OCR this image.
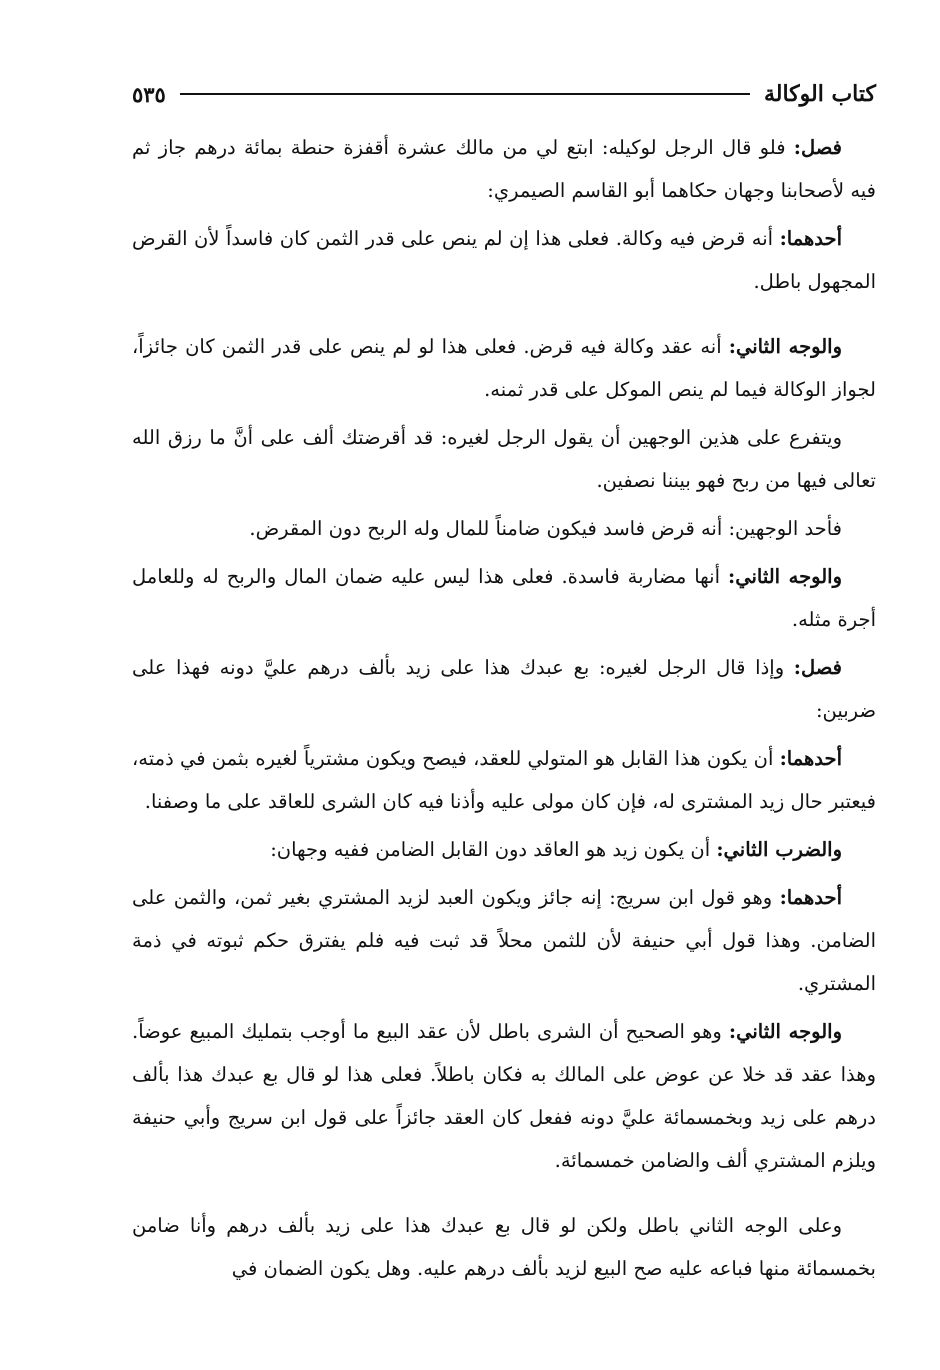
كتاب الوكالة
٥٣٥

فصل: فلو قال الرجل لوكيله: ابتع لي من مالك عشرة أقفزة حنطة بمائة درهم جاز ثم فيه لأصحابنا وجهان حكاهما أبو القاسم الصيمري:

أحدهما: أنه قرض فيه وكالة. فعلى هذا إن لم ينص على قدر الثمن كان فاسداً لأن القرض المجهول باطل.

والوجه الثاني: أنه عقد وكالة فيه قرض. فعلى هذا لو لم ينص على قدر الثمن كان جائزاً، لجواز الوكالة فيما لم ينص الموكل على قدر ثمنه.

ويتفرع على هذين الوجهين أن يقول الرجل لغيره: قد أقرضتك ألف على أنَّ ما رزق الله تعالى فيها من ربح فهو بيننا نصفين.

فأحد الوجهين: أنه قرض فاسد فيكون ضامناً للمال وله الربح دون المقرض.

والوجه الثاني: أنها مضاربة فاسدة. فعلى هذا ليس عليه ضمان المال والربح له وللعامل أجرة مثله.

فصل: وإذا قال الرجل لغيره: بع عبدك هذا على زيد بألف درهم عليَّ دونه فهذا على ضربين:

أحدهما: أن يكون هذا القابل هو المتولي للعقد، فيصح ويكون مشترياً لغيره بثمن في ذمته، فيعتبر حال زيد المشترى له، فإن كان مولى عليه وأذنا فيه كان الشرى للعاقد على ما وصفنا.

والضرب الثاني: أن يكون زيد هو العاقد دون القابل الضامن ففيه وجهان:

أحدهما: وهو قول ابن سريج: إنه جائز ويكون العبد لزيد المشتري بغير ثمن، والثمن على الضامن. وهذا قول أبي حنيفة لأن للثمن محلاً قد ثبت فيه فلم يفترق حكم ثبوته في ذمة المشتري.

والوجه الثاني: وهو الصحيح أن الشرى باطل لأن عقد البيع ما أوجب بتمليك المبيع عوضاً. وهذا عقد قد خلا عن عوض على المالك به فكان باطلاً. فعلى هذا لو قال بع عبدك هذا بألف درهم على زيد وبخمسمائة عليَّ دونه ففعل كان العقد جائزاً على قول ابن سريج وأبي حنيفة ويلزم المشتري ألف والضامن خمسمائة.

وعلى الوجه الثاني باطل ولكن لو قال بع عبدك هذا على زيد بألف درهم وأنا ضامن بخمسمائة منها فباعه عليه صح البيع لزيد بألف درهم عليه. وهل يكون الضمان في
